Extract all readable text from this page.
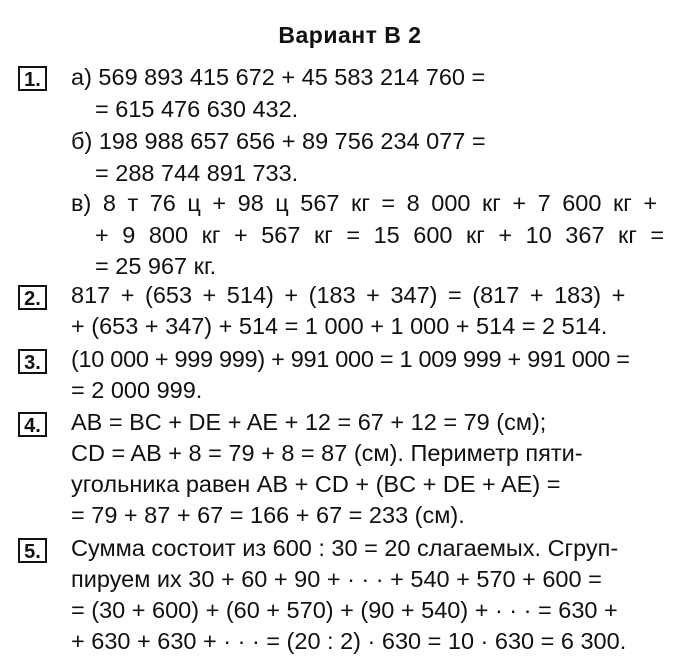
Вариант В 2
1. а) 569 893 415 672 + 45 583 214 760 =
= 615 476 630 432.
б) 198 988 657 656 + 89 756 234 077 =
= 288 744 891 733.
в) 8 т 76 ц + 98 ц 567 кг = 8 000 кг + 7 600 кг +
+ 9 800 кг + 567 кг = 15 600 кг + 10 367 кг =
= 25 967 кг.
2. 817 + (653 + 514) + (183 + 347) = (817 + 183) +
+ (653 + 347) + 514 = 1 000 + 1 000 + 514 = 2 514.
3. (10 000 + 999 999) + 991 000 = 1 009 999 + 991 000 =
= 2 000 999.
4. AB = BC + DE + AE + 12 = 67 + 12 = 79 (см);
CD = AB + 8 = 79 + 8 = 87 (см). Периметр пяти-
угольника равен AB + CD + (BC + DE + AE) =
= 79 + 87 + 67 = 166 + 67 = 233 (см).
5. Сумма состоит из 600 : 30 = 20 слагаемых. Сгруп-
пируем их 30 + 60 + 90 + · · · + 540 + 570 + 600 =
= (30 + 600) + (60 + 570) + (90 + 540) + · · · = 630 +
+ 630 + 630 + · · · = (20 : 2) · 630 = 10 · 630 = 6 300.
